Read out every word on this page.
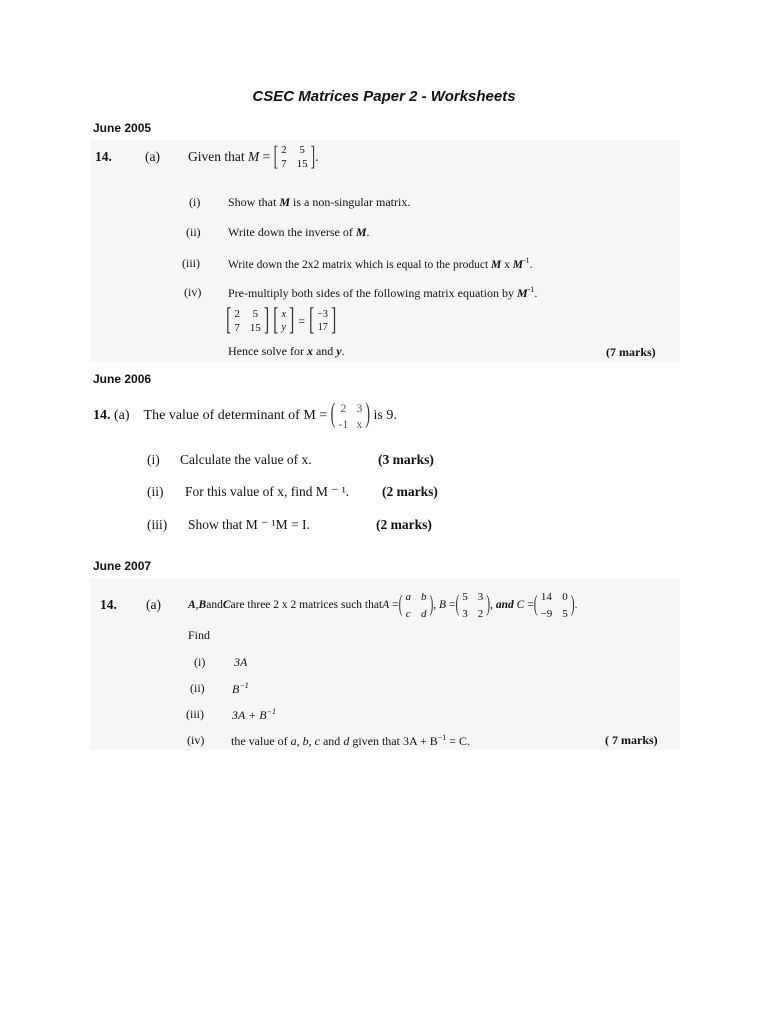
CSEC Matrices Paper 2 - Worksheets
June 2005
14. (a) Given that
M
=
[ 2 5
7 15 ] .
(i) Show that M is a non-singular matrix.
(ii) Write down the inverse of M.
(iii) Write down the 2x2 matrix which is equal to the product M x $M^{-1}$.
(iv) Pre-multiply both sides of the following matrix equation by $M^{-1}$.
[ 2 5
7 15 ] [ x
y ] = [ −3
17 ]
Hence solve for x and y.	(7 marks)
June 2006
14.
(a)
The value of determinant of M =
( 2 3
-1 x )
is 9.
(i) Calculate the value of x.	(3 marks)
(ii) For this value of x, find M ⁻ ¹. (2 marks)
(iii) Show that M ⁻ ¹M = I.	(2 marks)
June 2007
14. (a) A , B and C are three 2 x 2 matrices such that A
= ( a b
c d ) , B
= ( 5 3
3 2 ) , and
C
= ( 14 0
−9 5 ) .
Find
(i) 3A
(ii) $B^{-1}$
(iii) $3A + B^{-1}$
(iv) the value of a, b, c and d given that $3A + B^{-1} = C$.	( 7 marks)
